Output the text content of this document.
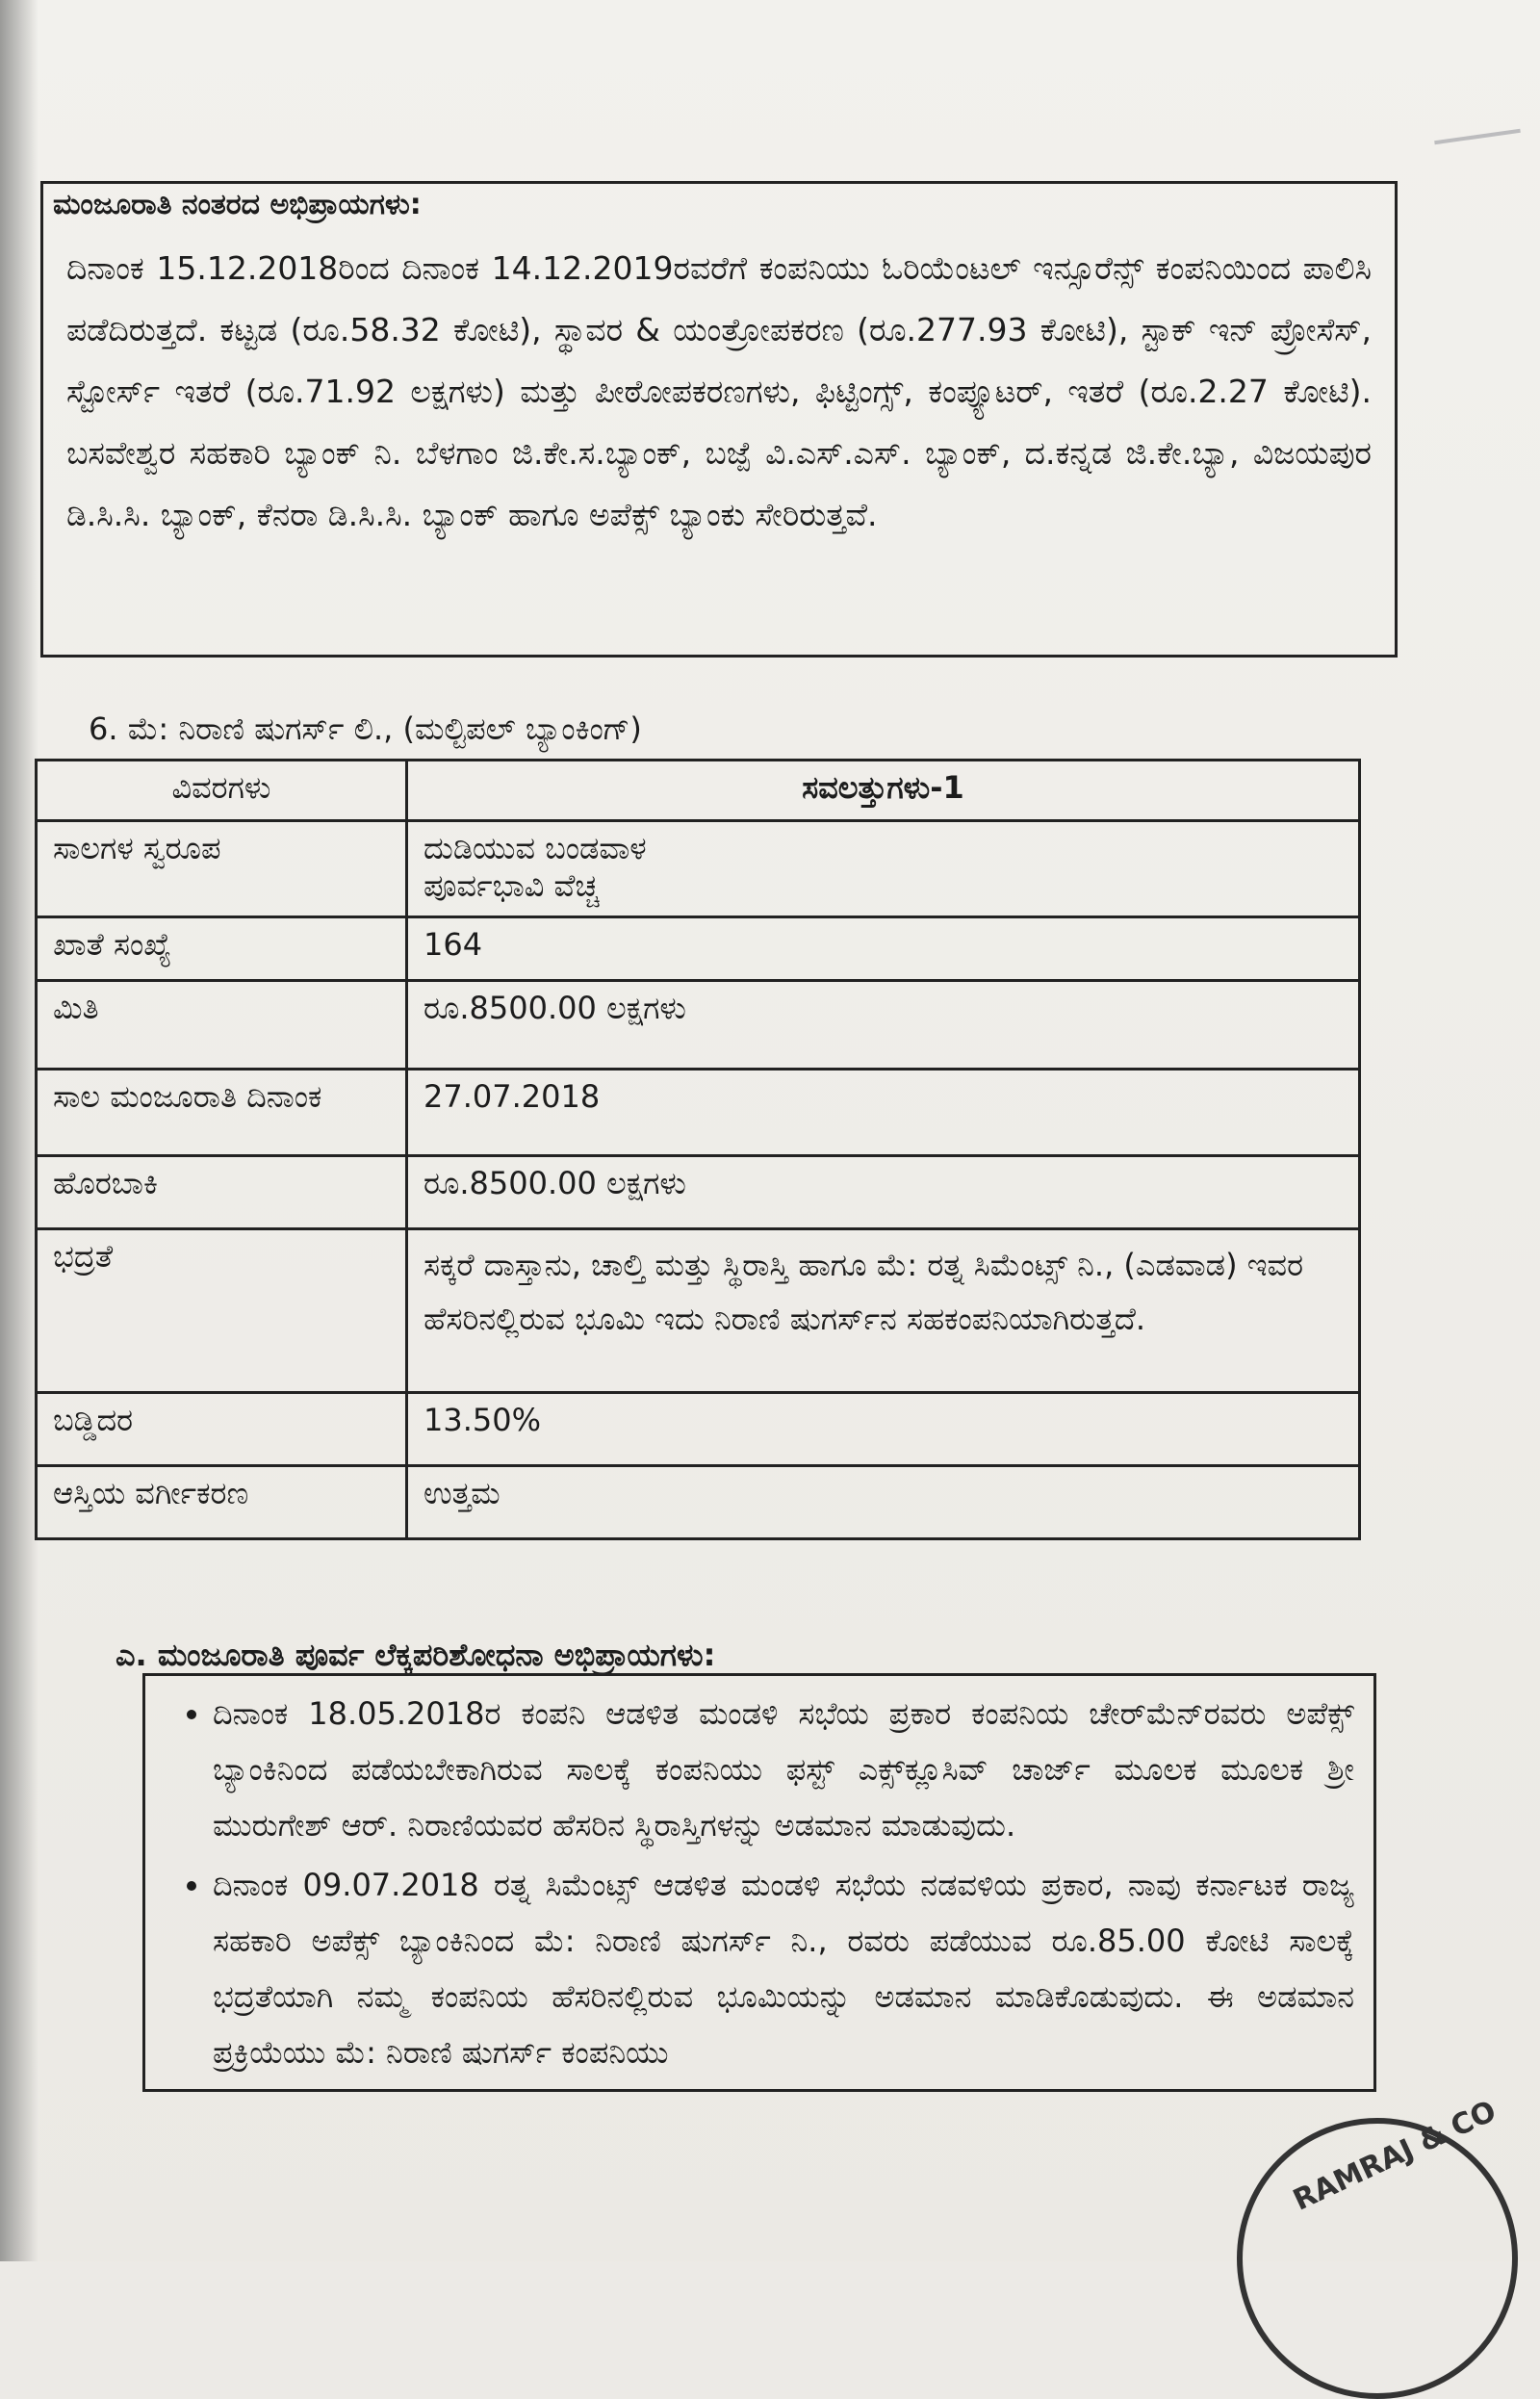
ಮಂಜೂರಾತಿ ನಂತರದ ಅಭಿಪ್ರಾಯಗಳು:
ದಿನಾಂಕ 15.12.2018ರಿಂದ ದಿನಾಂಕ 14.12.2019ರವರೆಗೆ ಕಂಪನಿಯು ಓರಿಯೆಂಟಲ್ ಇನ್ಸೂರೆನ್ಸ್ ಕಂಪನಿಯಿಂದ ಪಾಲಿಸಿ ಪಡೆದಿರುತ್ತದೆ. ಕಟ್ಟಡ (ರೂ.58.32 ಕೋಟಿ), ಸ್ಥಾವರ & ಯಂತ್ರೋಪಕರಣ (ರೂ.277.93 ಕೋಟಿ), ಸ್ಟಾಕ್ ಇನ್ ಪ್ರೋಸೆಸ್, ಸ್ಟೋರ್ಸ್ ಇತರೆ (ರೂ.71.92 ಲಕ್ಷಗಳು) ಮತ್ತು ಪೀಠೋಪಕರಣಗಳು, ಫಿಟ್ಟಿಂಗ್ಸ್, ಕಂಪ್ಯೂಟರ್, ಇತರೆ (ರೂ.2.27 ಕೋಟಿ). ಬಸವೇಶ್ವರ ಸಹಕಾರಿ ಬ್ಯಾಂಕ್ ನಿ. ಬೆಳಗಾಂ ಜಿ.ಕೇ.ಸ.ಬ್ಯಾಂಕ್, ಬಜ್ಪೆ ವಿ.ಎಸ್.ಎಸ್. ಬ್ಯಾಂಕ್, ದ.ಕನ್ನಡ ಜಿ.ಕೇ.ಬ್ಯಾ, ವಿಜಯಪುರ ಡಿ.ಸಿ.ಸಿ. ಬ್ಯಾಂಕ್, ಕೆನರಾ ಡಿ.ಸಿ.ಸಿ. ಬ್ಯಾಂಕ್ ಹಾಗೂ ಅಪೆಕ್ಸ್ ಬ್ಯಾಂಕು ಸೇರಿರುತ್ತವೆ.
6. ಮೆ: ನಿರಾಣಿ ಷುಗರ್ಸ್ ಲಿ., (ಮಲ್ಟಿಪಲ್ ಬ್ಯಾಂಕಿಂಗ್)
ವಿವರಗಳು	ಸವಲತ್ತುಗಳು-1
ಸಾಲಗಳ ಸ್ವರೂಪ	ದುಡಿಯುವ ಬಂಡವಾಳ
ಪೂರ್ವಭಾವಿ ವೆಚ್ಚ

ಖಾತೆ ಸಂಖ್ಯೆ	164
ಮಿತಿ	ರೂ.8500.00 ಲಕ್ಷಗಳು
ಸಾಲ ಮಂಜೂರಾತಿ ದಿನಾಂಕ	27.07.2018
ಹೊರಬಾಕಿ	ರೂ.8500.00 ಲಕ್ಷಗಳು
ಭದ್ರತೆ	ಸಕ್ಕರೆ ದಾಸ್ತಾನು, ಚಾಲ್ತಿ ಮತ್ತು ಸ್ಥಿರಾಸ್ತಿ ಹಾಗೂ ಮೆ: ರತ್ನ ಸಿಮೆಂಟ್ಸ್ ನಿ., (ಎಡವಾಡ) ಇವರ ಹೆಸರಿನಲ್ಲಿರುವ ಭೂಮಿ ಇದು ನಿರಾಣಿ ಷುಗರ್ಸ್‌ನ ಸಹಕಂಪನಿಯಾಗಿರುತ್ತದೆ.
ಬಡ್ಡಿದರ	13.50%
ಆಸ್ತಿಯ ವರ್ಗೀಕರಣ	ಉತ್ತಮ
ಎ. ಮಂಜೂರಾತಿ ಪೂರ್ವ ಲೆಕ್ಕಪರಿಶೋಧನಾ ಅಭಿಪ್ರಾಯಗಳು:
• ದಿನಾಂಕ 18.05.2018ರ ಕಂಪನಿ ಆಡಳಿತ ಮಂಡಳಿ ಸಭೆಯ ಪ್ರಕಾರ ಕಂಪನಿಯ ಚೇರ್‌ಮೆನ್‌ರವರು ಅಪೆಕ್ಸ್ ಬ್ಯಾಂಕಿನಿಂದ ಪಡೆಯಬೇಕಾಗಿರುವ ಸಾಲಕ್ಕೆ ಕಂಪನಿಯು ಫಸ್ಟ್ ಎಕ್ಸ್‌ಕ್ಲೂಸಿವ್ ಚಾರ್ಜ್ ಮೂಲಕ ಮೂಲಕ ಶ್ರೀ ಮುರುಗೇಶ್ ಆರ್. ನಿರಾಣಿಯವರ ಹೆಸರಿನ ಸ್ಥಿರಾಸ್ತಿಗಳನ್ನು ಅಡಮಾನ ಮಾಡುವುದು.
• ದಿನಾಂಕ 09.07.2018 ರತ್ನ ಸಿಮೆಂಟ್ಸ್ ಆಡಳಿತ ಮಂಡಳಿ ಸಭೆಯ ನಡವಳಿಯ ಪ್ರಕಾರ, ನಾವು ಕರ್ನಾಟಕ ರಾಜ್ಯ ಸಹಕಾರಿ ಅಪೆಕ್ಸ್ ಬ್ಯಾಂಕಿನಿಂದ ಮೆ: ನಿರಾಣಿ ಷುಗರ್ಸ್ ನಿ., ರವರು ಪಡೆಯುವ ರೂ.85.00 ಕೋಟಿ ಸಾಲಕ್ಕೆ ಭದ್ರತೆಯಾಗಿ ನಮ್ಮ ಕಂಪನಿಯ ಹೆಸರಿನಲ್ಲಿರುವ ಭೂಮಿಯನ್ನು ಅಡಮಾನ ಮಾಡಿಕೊಡುವುದು. ಈ ಅಡಮಾನ ಪ್ರಕ್ರಿಯೆಯು ಮೆ: ನಿರಾಣಿ ಷುಗರ್ಸ್ ಕಂಪನಿಯು
RAMRAJ & CO
